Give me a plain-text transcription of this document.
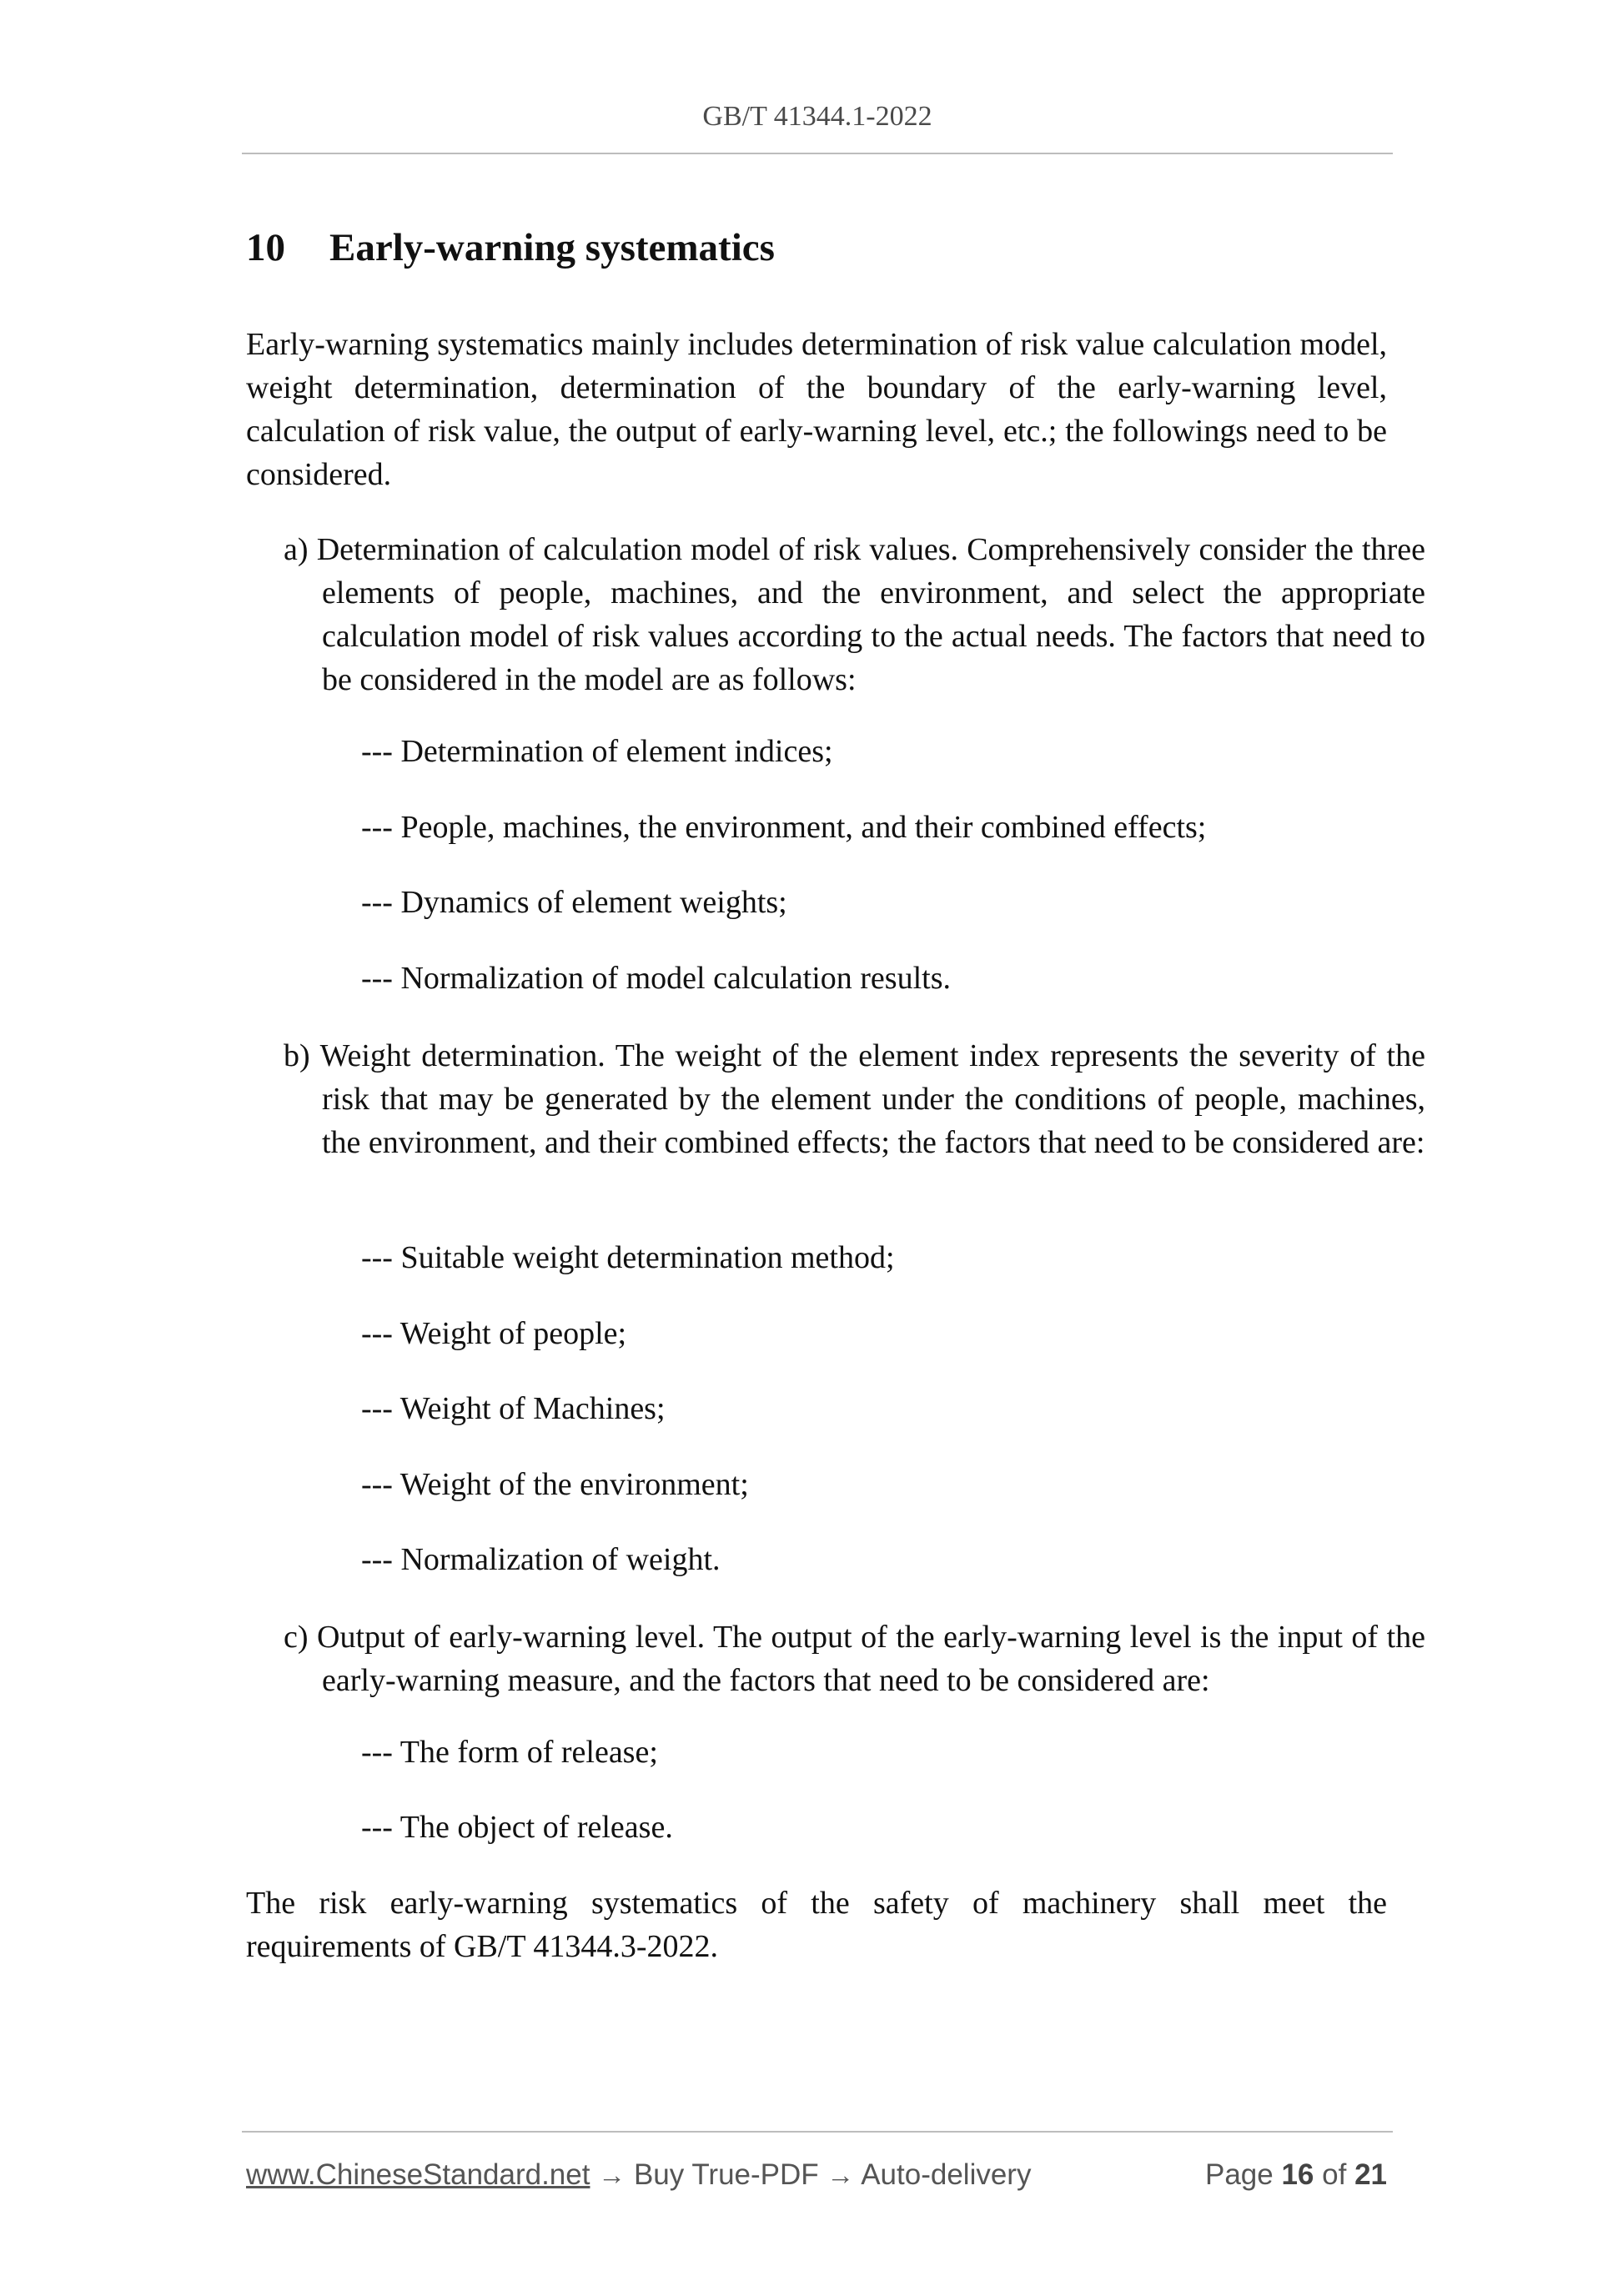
GB/T 41344.1-2022
10 Early-warning systematics
Early-warning systematics mainly includes determination of risk value calculation model, weight determination, determination of the boundary of the early-warning level, calculation of risk value, the output of early-warning level, etc.; the followings need to be considered.
a) Determination of calculation model of risk values. Comprehensively consider the three elements of people, machines, and the environment, and select the appropriate calculation model of risk values according to the actual needs. The factors that need to be considered in the model are as follows:
--- Determination of element indices;
--- People, machines, the environment, and their combined effects;
--- Dynamics of element weights;
--- Normalization of model calculation results.
b) Weight determination. The weight of the element index represents the severity of the risk that may be generated by the element under the conditions of people, machines, the environment, and their combined effects; the factors that need to be considered are:
--- Suitable weight determination method;
--- Weight of people;
--- Weight of Machines;
--- Weight of the environment;
--- Normalization of weight.
c) Output of early-warning level. The output of the early-warning level is the input of the early-warning measure, and the factors that need to be considered are:
--- The form of release;
--- The object of release.
The risk early-warning systematics of the safety of machinery shall meet the requirements of GB/T 41344.3-2022.
www.ChineseStandard.net → Buy True-PDF → Auto-delivery	Page 16 of 21
